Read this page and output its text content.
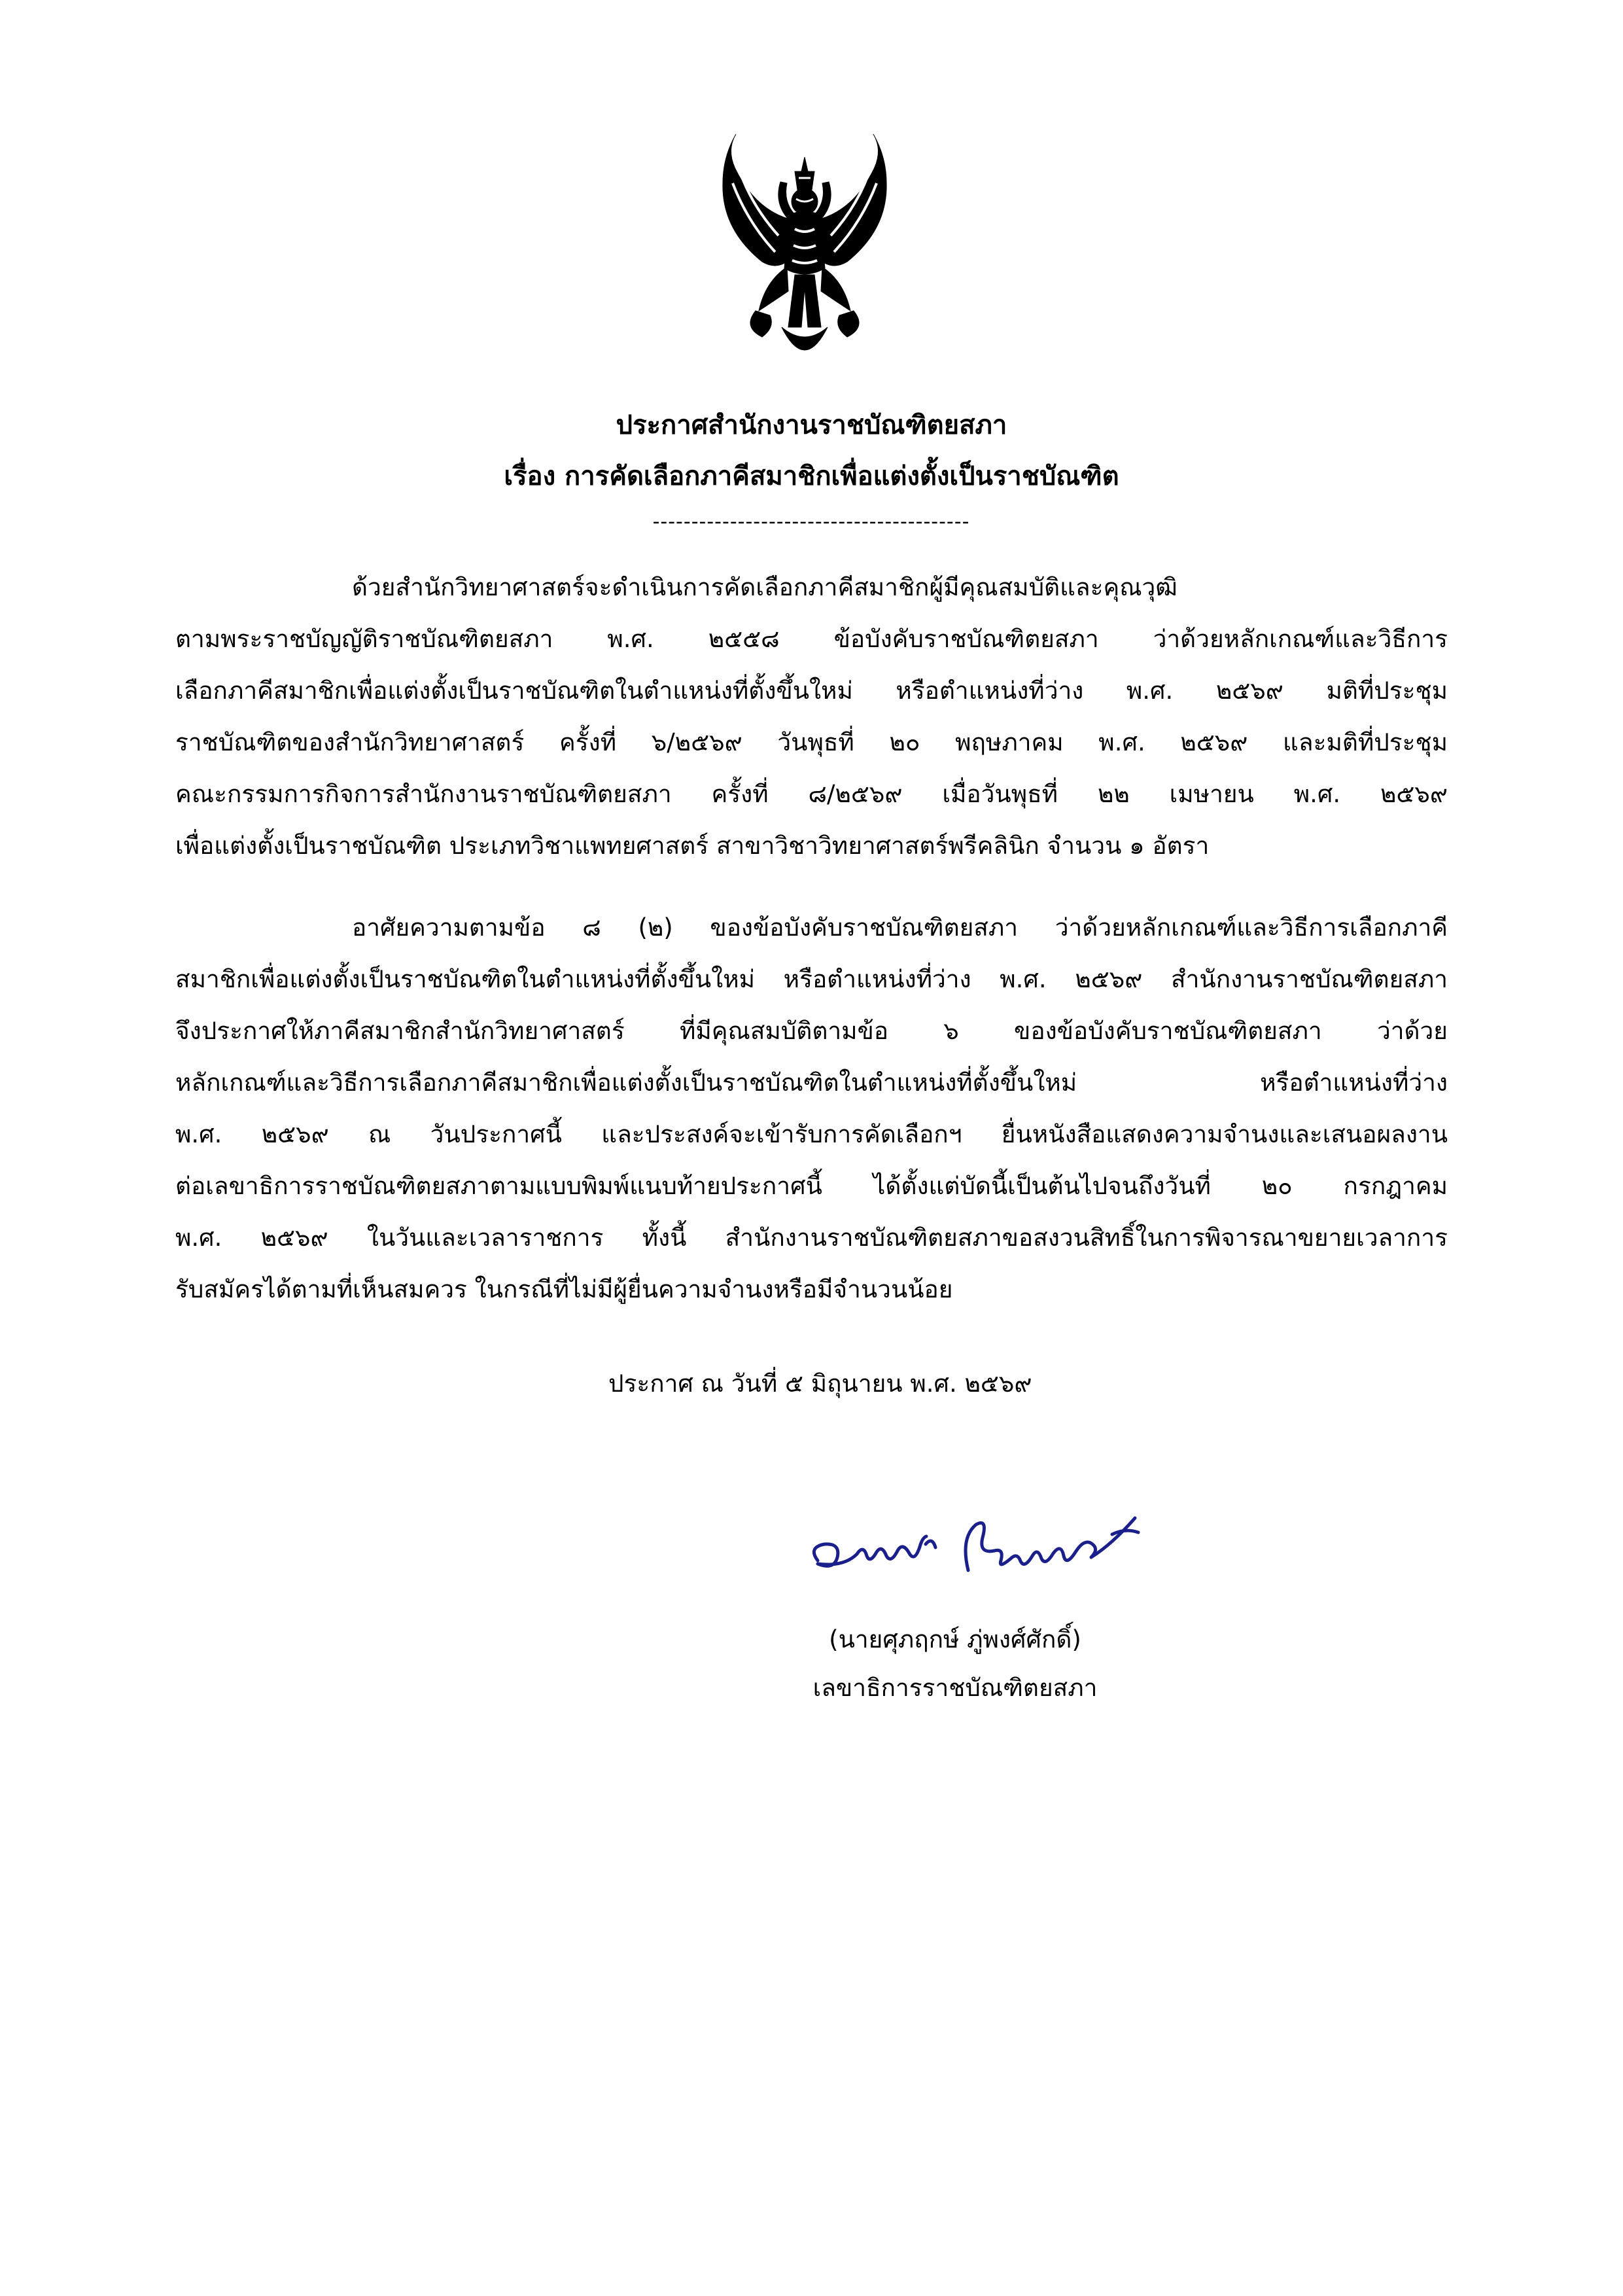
ประกาศสำนักงานราชบัณฑิตยสภา
เรื่อง การคัดเลือกภาคีสมาชิกเพื่อแต่งตั้งเป็นราชบัณฑิต
-----------------------------------------
ด้วยสำนักวิทยาศาสตร์จะดำเนินการคัดเลือกภาคีสมาชิกผู้มีคุณสมบัติและคุณวุฒิ
ตามพระราชบัญญัติราชบัณฑิตยสภา พ.ศ. ๒๕๕๘ ข้อบังคับราชบัณฑิตยสภา ว่าด้วยหลักเกณฑ์และวิธีการ
เลือกภาคีสมาชิกเพื่อแต่งตั้งเป็นราชบัณฑิตในตำแหน่งที่ตั้งขึ้นใหม่ หรือตำแหน่งที่ว่าง พ.ศ. ๒๕๖๙ มติที่ประชุม
ราชบัณฑิตของสำนักวิทยาศาสตร์ ครั้งที่ ๖/๒๕๖๙ วันพุธที่ ๒๐ พฤษภาคม พ.ศ. ๒๕๖๙ และมติที่ประชุม
คณะกรรมการกิจการสำนักงานราชบัณฑิตยสภา ครั้งที่ ๘/๒๕๖๙ เมื่อวันพุธที่ ๒๒ เมษายน พ.ศ. ๒๕๖๙
เพื่อแต่งตั้งเป็นราชบัณฑิต ประเภทวิชาแพทยศาสตร์ สาขาวิชาวิทยาศาสตร์พรีคลินิก จำนวน ๑ อัตรา
อาศัยความตามข้อ ๘ (๒) ของข้อบังคับราชบัณฑิตยสภา ว่าด้วยหลักเกณฑ์และวิธีการเลือกภาคี
สมาชิกเพื่อแต่งตั้งเป็นราชบัณฑิตในตำแหน่งที่ตั้งขึ้นใหม่ หรือตำแหน่งที่ว่าง พ.ศ. ๒๕๖๙ สำนักงานราชบัณฑิตยสภา
จึงประกาศให้ภาคีสมาชิกสำนักวิทยาศาสตร์ ที่มีคุณสมบัติตามข้อ ๖ ของข้อบังคับราชบัณฑิตยสภา ว่าด้วย
หลักเกณฑ์และวิธีการเลือกภาคีสมาชิกเพื่อแต่งตั้งเป็นราชบัณฑิตในตำแหน่งที่ตั้งขึ้นใหม่ หรือตำแหน่งที่ว่าง
พ.ศ. ๒๕๖๙ ณ วันประกาศนี้ และประสงค์จะเข้ารับการคัดเลือกฯ ยื่นหนังสือแสดงความจำนงและเสนอผลงาน
ต่อเลขาธิการราชบัณฑิตยสภาตามแบบพิมพ์แนบท้ายประกาศนี้ ได้ตั้งแต่บัดนี้เป็นต้นไปจนถึงวันที่ ๒๐ กรกฎาคม
พ.ศ. ๒๕๖๙ ในวันและเวลาราชการ ทั้งนี้ สำนักงานราชบัณฑิตยสภาขอสงวนสิทธิ์ในการพิจารณาขยายเวลาการ
รับสมัครได้ตามที่เห็นสมควร ในกรณีที่ไม่มีผู้ยื่นความจำนงหรือมีจำนวนน้อย
ประกาศ ณ วันที่ ๕ มิถุนายน พ.ศ. ๒๕๖๙
(นายศุภฤกษ์ ภู่พงศ์ศักดิ์)
เลขาธิการราชบัณฑิตยสภา
